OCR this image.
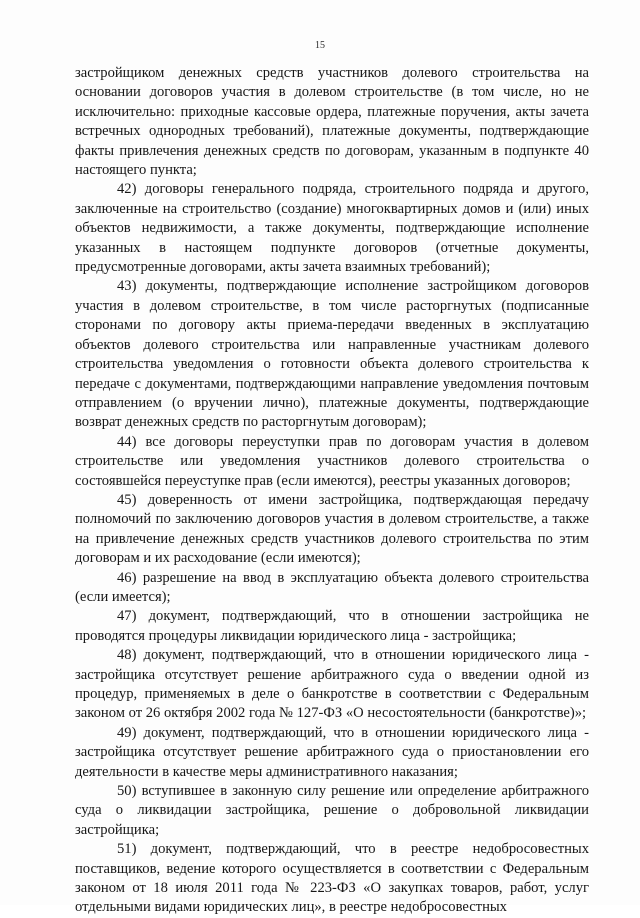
15

застройщиком денежных средств участников долевого строительства на основании договоров участия в долевом строительстве (в том числе, но не исключительно: приходные кассовые ордера, платежные поручения, акты зачета встречных однородных требований), платежные документы, подтверждающие факты привлечения денежных средств по договорам, указанным в подпункте 40 настоящего пункта;

42) договоры генерального подряда, строительного подряда и другого, заключенные на строительство (создание) многоквартирных домов и (или) иных объектов недвижимости, а также документы, подтверждающие исполнение указанных в настоящем подпункте договоров (отчетные документы, предусмотренные договорами, акты зачета взаимных требований);

43) документы, подтверждающие исполнение застройщиком договоров участия в долевом строительстве, в том числе расторгнутых (подписанные сторонами по договору акты приема-передачи введенных в эксплуатацию объектов долевого строительства или направленные участникам долевого строительства уведомления о готовности объекта долевого строительства к передаче с документами, подтверждающими направление уведомления почтовым отправлением (о вручении лично), платежные документы, подтверждающие возврат денежных средств по расторгнутым договорам);

44) все договоры переуступки прав по договорам участия в долевом строительстве или уведомления участников долевого строительства о состоявшейся переуступке прав (если имеются), реестры указанных договоров;

45) доверенность от имени застройщика, подтверждающая передачу полномочий по заключению договоров участия в долевом строительстве, а также на привлечение денежных средств участников долевого строительства по этим договорам и их расходование (если имеются);

46) разрешение на ввод в эксплуатацию объекта долевого строительства (если имеется);

47) документ, подтверждающий, что в отношении застройщика не проводятся процедуры ликвидации юридического лица - застройщика;

48) документ, подтверждающий, что в отношении юридического лица - застройщика отсутствует решение арбитражного суда о введении одной из процедур, применяемых в деле о банкротстве в соответствии с Федеральным законом от 26 октября 2002 года № 127-ФЗ «О несостоятельности (банкротстве)»;

49) документ, подтверждающий, что в отношении юридического лица - застройщика отсутствует решение арбитражного суда о приостановлении его деятельности в качестве меры административного наказания;

50) вступившее в законную силу решение или определение арбитражного суда о ликвидации застройщика, решение о добровольной ликвидации застройщика;

51) документ, подтверждающий, что в реестре недобросовестных поставщиков, ведение которого осуществляется в соответствии с Федеральным законом от 18 июля 2011 года № 223-ФЗ «О закупках товаров, работ, услуг отдельными видами юридических лиц», в реестре недобросовестных
